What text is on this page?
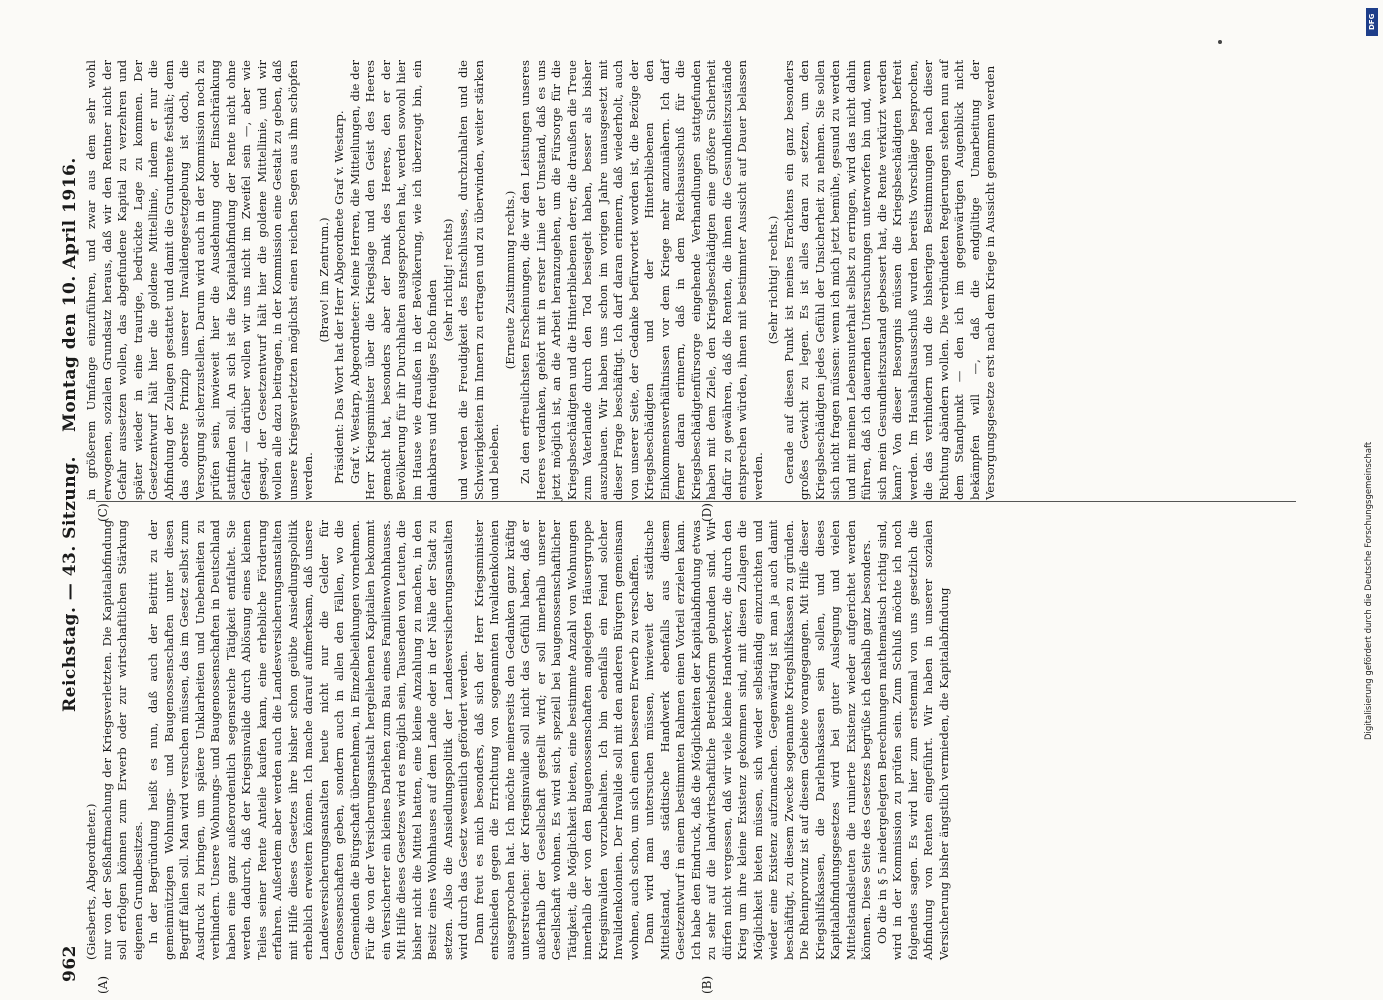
962
Reichstag. — 43. Sitzung.
Montag den 10. April 1916.
(A)	(B)
(C)	(D)

(Giesberts, Abgeordneter.) nur von der Seßhaftmachung der Kriegsverletzten. Die Kapitalabfindung soll erfolgen können zum Erwerb oder zur wirtschaftlichen Stärkung eigenen Grundbesitzes. In der Begründung heißt es nun, daß auch der Beitritt zu der gemeinnützigen Wohnungs- und Baugenossenschaften unter diesen Begriff fallen soll. Man wird versuchen müssen, das im Gesetz selbst zum Ausdruck zu bringen, um spätere Unklarheiten und Unebenheiten zu verhindern. Unsere Wohnungs- und Baugenossenschaften in Deutschland haben eine ganz außerordentlich segensreiche Tätigkeit entfaltet. Sie werden dadurch, daß der Kriegsinvalide durch Ablösung eines kleinen Teiles seiner Rente Anteile kaufen kann, eine erhebliche Förderung erfahren. Außerdem aber werden auch die Landesversicherungsanstalten mit Hilfe dieses Gesetzes ihre bisher schon geübte Ansiedlungspolitik erheblich erweitern können. Ich mache darauf aufmerksam, daß unsere Landesversicherungsanstalten heute nicht nur die Gelder für Genossenschaften geben, sondern auch in allen den Fällen, wo die Gemeinden die Bürgschaft übernehmen, in Einzelbeleihungen vornehmen. Für die von der Versicherungsanstalt hergeliehenen Kapitalien bekommt ein Versicherter ein kleines Darlehen zum Bau eines Familienwohnhauses. Mit Hilfe dieses Gesetzes wird es möglich sein, Tausenden von Leuten, die bisher nicht die Mittel hatten, eine kleine Anzahlung zu machen, in den Besitz eines Wohnhauses auf dem Lande oder in der Nähe der Stadt zu setzen. Also die Ansiedlungspolitik der Landesversicherungsanstalten wird durch das Gesetz wesentlich gefördert werden. Dann freut es mich besonders, daß sich der Herr Kriegsminister entschieden gegen die Errichtung von sogenannten Invalidenkolonien ausgesprochen hat. Ich möchte meinerseits den Gedanken ganz kräftig unterstreichen: der Kriegsinvalide soll nicht das Gefühl haben, daß er außerhalb der Gesellschaft gestellt wird; er soll innerhalb unserer Gesellschaft wohnen. Es wird sich, speziell bei baugenossenschaftlicher Tätigkeit, die Möglichkeit bieten, eine bestimmte Anzahl von Wohnungen innerhalb der von den Baugenossenschaften angelegten Häusergruppe Kriegsinvaliden vorzubehalten. Ich bin ebenfalls ein Feind solcher Invalidenkolonien. Der Invalide soll mit den anderen Bürgern gemeinsam wohnen, auch schon, um sich einen besseren Erwerb zu verschaffen. Dann wird man untersuchen müssen, inwieweit der städtische Mittelstand, das städtische Handwerk ebenfalls aus diesem Gesetzentwurf in einem bestimmten Rahmen einen Vorteil erzielen kann. Ich habe den Eindruck, daß die Möglichkeiten der Kapitalabfindung etwas zu sehr auf die landwirtschaftliche Betriebsform gebunden sind. Wir dürfen nicht vergessen, daß wir viele kleine Handwerker, die durch den Krieg um ihre kleine Existenz gekommen sind, mit diesen Zulagen die Möglichkeit bieten müssen, sich wieder selbständig einzurichten und wieder eine Existenz aufzumachen. Gegenwärtig ist man ja auch damit beschäftigt, zu diesem Zwecke sogenannte Kriegshilfskassen zu gründen. Die Rheinprovinz ist auf diesem Gebiete vorangegangen. Mit Hilfe dieser Kriegshilfskassen, die Darlehnskassen sein sollen, und dieses Kapitalabfindungsgesetzes wird bei guter Auslegung und vielen Mittelstandsleuten die ruinierte Existenz wieder aufgerichtet werden können. Diese Seite des Gesetzes begrüße ich deshalb ganz besonders. Ob die in § 5 niedergelegten Berechnungen mathematisch richtig sind, wird in der Kommission zu prüfen sein. Zum Schluß möchte ich noch folgendes sagen. Es wird hier zum erstenmal von uns gesetzlich die Abfindung von Renten eingeführt. Wir haben in unserer sozialen Versicherung bisher ängstlich vermieden, die Kapitalabfindung

in größerem Umfange einzuführen, und zwar aus dem sehr wohl erwogenen, sozialen Grundsatz heraus, daß wir den Rentner nicht der Gefahr aussetzen wollen, das abgefundene Kapital zu verzehren und später wieder in eine traurige, bedrückte Lage zu kommen. Der Gesetzentwurf hält hier die goldene Mittellinie, indem er nur die Abfindung der Zulagen gestattet und damit die Grundrente festhält; denn das oberste Prinzip unserer Invalidengesetzgebung ist doch, die Versorgung sicherzustellen. Darum wird auch in der Kommission noch zu prüfen sein, inwieweit hier die Ausdehnung oder Einschränkung stattfinden soll. An sich ist die Kapitalabfindung der Rente nicht ohne Gefahr — darüber wollen wir uns nicht im Zweifel sein —, aber wie gesagt, der Gesetzentwurf hält hier die goldene Mittellinie, und wir wollen alle dazu beitragen, in der Kommission eine Gestalt zu geben, daß unsere Kriegsverletzten möglichst einen reichen Segen aus ihm schöpfen werden.

(Bravo! im Zentrum.) Präsident: Das Wort hat der Herr Abgeordnete Graf v. Westarp. Graf v. Westarp, Abgeordneter: Meine Herren, die Mitteilungen, die der Herr Kriegsminister über die Kriegslage und den Geist des Heeres gemacht hat, besonders aber der Dank des Heeres, den er der Bevölkerung für ihr Durchhalten ausgesprochen hat, werden sowohl hier im Hause wie draußen in der Bevölkerung, wie ich überzeugt bin, ein dankbares und freudiges Echo finden (sehr richtig! rechts) und werden die Freudigkeit des Entschlusses, durchzuhalten und die Schwierigkeiten im Innern zu ertragen und zu überwinden, weiter stärken und beleben.

(Erneute Zustimmung rechts.) Zu den erfreulichsten Erscheinungen, die wir den Leistungen unseres Heeres verdanken, gehört mit in erster Linie der Umstand, daß es uns jetzt möglich ist, an die Arbeit heranzugehen, um die Fürsorge für die Kriegsbeschädigten und die Hinterbliebenen derer, die draußen die Treue zum Vaterlande durch den Tod besiegelt haben, besser als bisher auszubauen. Wir haben uns schon im vorigen Jahre unausgesetzt mit dieser Frage beschäftigt. Ich darf daran erinnern, daß wiederholt, auch von unserer Seite, der Gedanke befürwortet worden ist, die Bezüge der Kriegsbeschädigten und der Hinterbliebenen den Einkommensverhältnissen vor dem Kriege mehr anzunähern. Ich darf ferner daran erinnern, daß in dem Reichsausschuß für die Kriegsbeschädigtenfürsorge eingehende Verhandlungen stattgefunden haben mit dem Ziele, den Kriegsbeschädigten eine größere Sicherheit dafür zu gewähren, daß die Renten, die ihnen die Gesundheitszustände entsprechen würden, ihnen mit bestimmter Aussicht auf Dauer belassen werden.

(Sehr richtig! rechts.) Gerade auf diesen Punkt ist meines Erachtens ein ganz besonders großes Gewicht zu legen. Es ist alles daran zu setzen, um den Kriegsbeschädigten jedes Gefühl der Unsicherheit zu nehmen. Sie sollen sich nicht fragen müssen: wenn ich mich jetzt bemühe, gesund zu werden und mit meinen Lebensunterhalt selbst zu erringen, wird das nicht dahin führen, daß ich dauernden Untersuchungen unterworfen bin und, wenn sich mein Gesundheitszustand gebessert hat, die Rente verkürzt werden kann? Von dieser Besorgnis müssen die Kriegsbeschädigten befreit werden. Im Haushaltsausschuß wurden bereits Vorschläge besprochen, die das verhindern und die bisherigen Bestimmungen nach dieser Richtung abändern wollen. Die verbündeten Regierungen stehen nun auf dem Standpunkt — den ich im gegenwärtigen Augenblick nicht bekämpfen will —, daß die endgültige Umarbeitung der Versorgungsgesetze erst nach dem Kriege in Aussicht genommen werden

DFG
Digitalisierung gefördert durch die Deutsche Forschungsgemeinschaft
